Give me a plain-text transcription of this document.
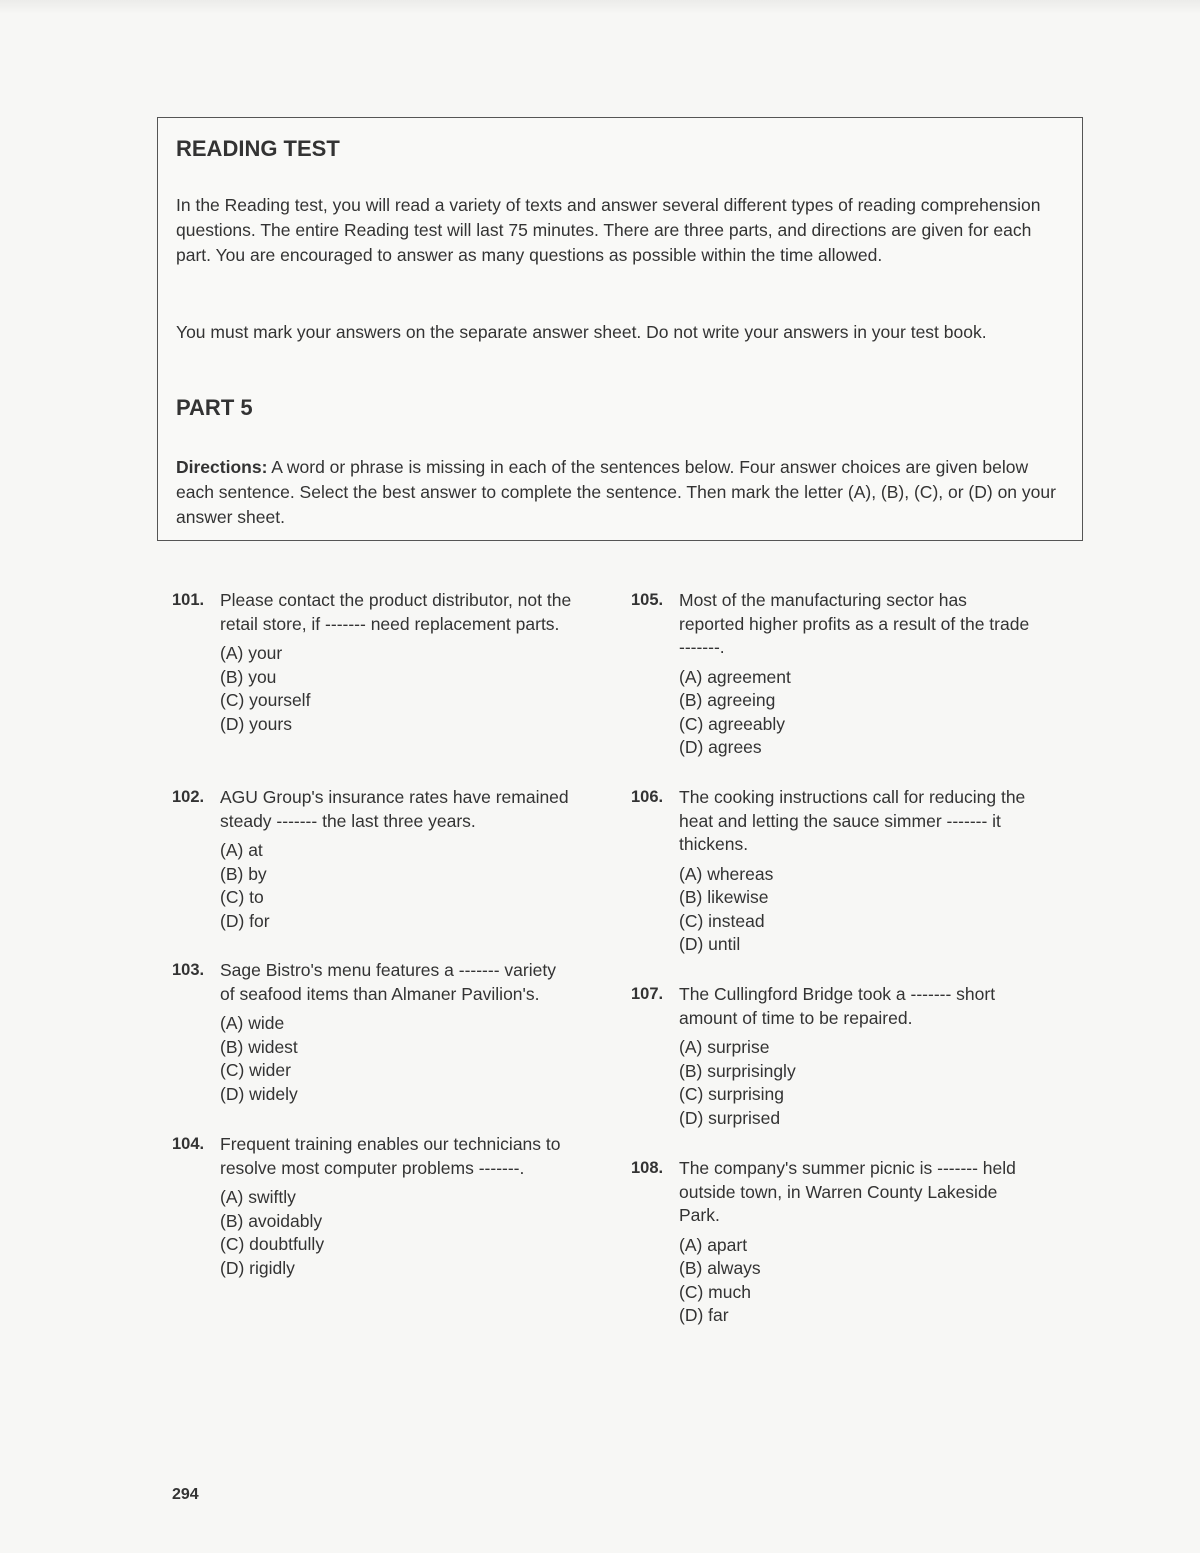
READING TEST

In the Reading test, you will read a variety of texts and answer several different types of reading comprehension questions. The entire Reading test will last 75 minutes. There are three parts, and directions are given for each part. You are encouraged to answer as many questions as possible within the time allowed.

You must mark your answers on the separate answer sheet. Do not write your answers in your test book.

PART 5

Directions: A word or phrase is missing in each of the sentences below. Four answer choices are given below each sentence. Select the best answer to complete the sentence. Then mark the letter (A), (B), (C), or (D) on your answer sheet.

101. Please contact the product distributor, not the retail store, if ------- need replacement parts.
(A) your
(B) you
(C) yourself
(D) yours
102. AGU Group's insurance rates have remained steady ------- the last three years.
(A) at
(B) by
(C) to
(D) for
103. Sage Bistro's menu features a ------- variety of seafood items than Almaner Pavilion's.
(A) wide
(B) widest
(C) wider
(D) widely
104. Frequent training enables our technicians to resolve most computer problems -------.
(A) swiftly
(B) avoidably
(C) doubtfully
(D) rigidly
105. Most of the manufacturing sector has reported higher profits as a result of the trade -------.
(A) agreement
(B) agreeing
(C) agreeably
(D) agrees
106. The cooking instructions call for reducing the heat and letting the sauce simmer ------- it thickens.
(A) whereas
(B) likewise
(C) instead
(D) until
107. The Cullingford Bridge took a ------- short amount of time to be repaired.
(A) surprise
(B) surprisingly
(C) surprising
(D) surprised
108. The company's summer picnic is ------- held outside town, in Warren County Lakeside Park.
(A) apart
(B) always
(C) much
(D) far
294
